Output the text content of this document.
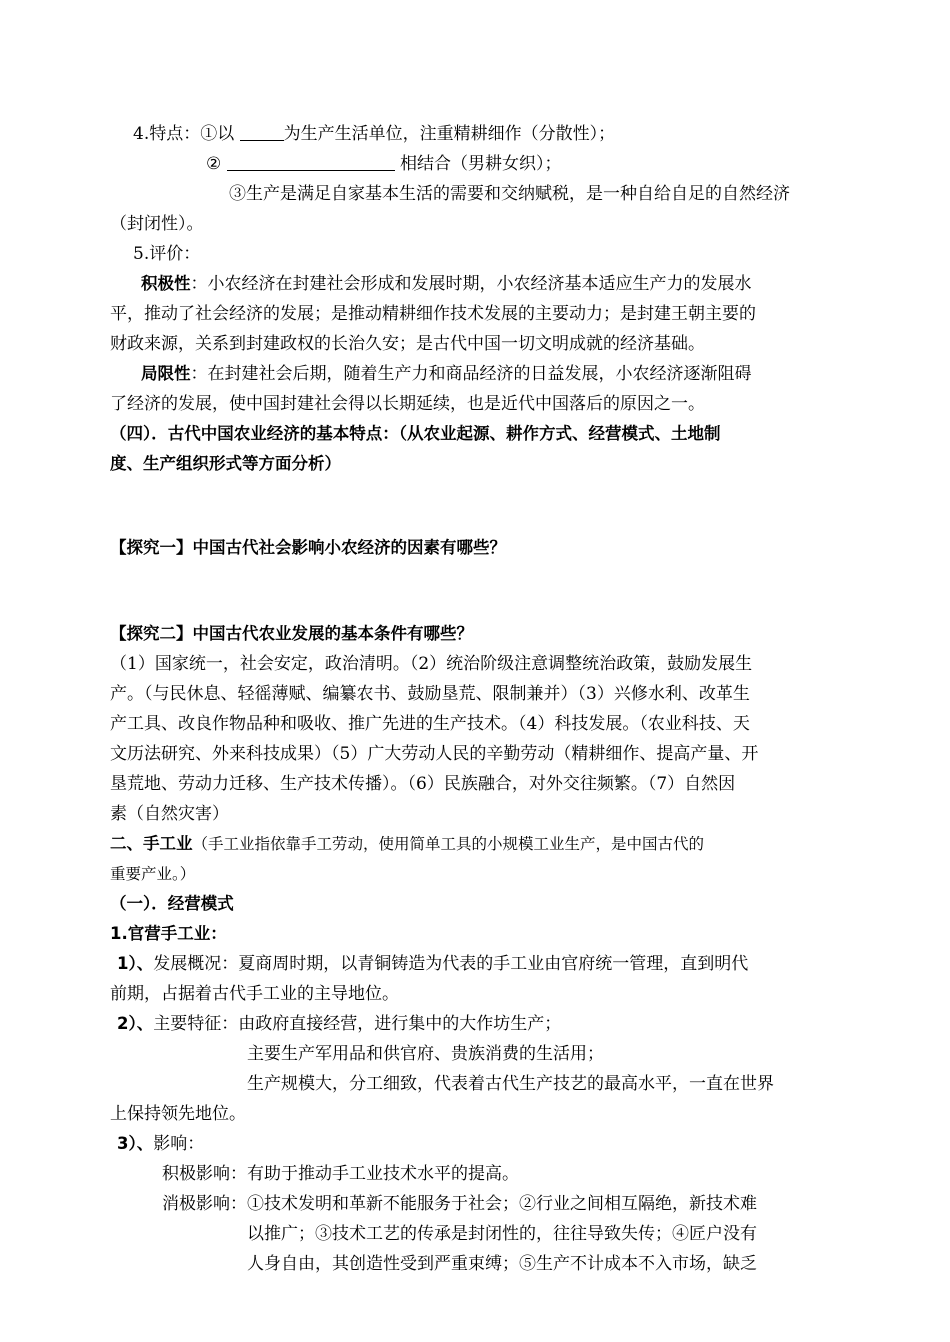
4.特点：①以	为生产生活单位，注重精耕细作（分散性）；
②	相结合（男耕女织）；
③生产是满足自家基本生活的需要和交纳赋税，是一种自给自足的自然经济
（封闭性）。
5.评价：
积极性：小农经济在封建社会形成和发展时期，小农经济基本适应生产力的发展水
平，推动了社会经济的发展；是推动精耕细作技术发展的主要动力；是封建王朝主要的
财政来源，关系到封建政权的长治久安；是古代中国一切文明成就的经济基础。
局限性：在封建社会后期，随着生产力和商品经济的日益发展，小农经济逐渐阻碍
了经济的发展，使中国封建社会得以长期延续，也是近代中国落后的原因之一。
（四）．古代中国农业经济的基本特点：（从农业起源、耕作方式、经营模式、土地制
度、生产组织形式等方面分析）
【探究一】中国古代社会影响小农经济的因素有哪些？
【探究二】中国古代农业发展的基本条件有哪些？
（1）国家统一，社会安定，政治清明。（2）统治阶级注意调整统治政策，鼓励发展生
产。（与民休息、轻徭薄赋、编纂农书、鼓励垦荒、限制兼并）（3）兴修水利、改革生
产工具、改良作物品种和吸收、推广先进的生产技术。（4）科技发展。（农业科技、天
文历法研究、外来科技成果）（5）广大劳动人民的辛勤劳动（精耕细作、提高产量、开
垦荒地、劳动力迁移、生产技术传播）。（6）民族融合，对外交往频繁。（7）自然因
素（自然灾害）
二、手工业（手工业指依靠手工劳动，使用简单工具的小规模工业生产，是中国古代的
重要产业。）
（一）．经营模式
1.官营手工业：
1）、发展概况：夏商周时期，以青铜铸造为代表的手工业由官府统一管理，直到明代
前期，占据着古代手工业的主导地位。
2）、主要特征：由政府直接经营，进行集中的大作坊生产；
主要生产军用品和供官府、贵族消费的生活用；
生产规模大，分工细致，代表着古代生产技艺的最高水平，一直在世界
上保持领先地位。
3）、影响：
积极影响：有助于推动手工业技术水平的提高。
消极影响：①技术发明和革新不能服务于社会；②行业之间相互隔绝，新技术难
以推广；③技术工艺的传承是封闭性的，往往导致失传；④匠户没有
人身自由，其创造性受到严重束缚；⑤生产不计成本不入市场，缺乏
